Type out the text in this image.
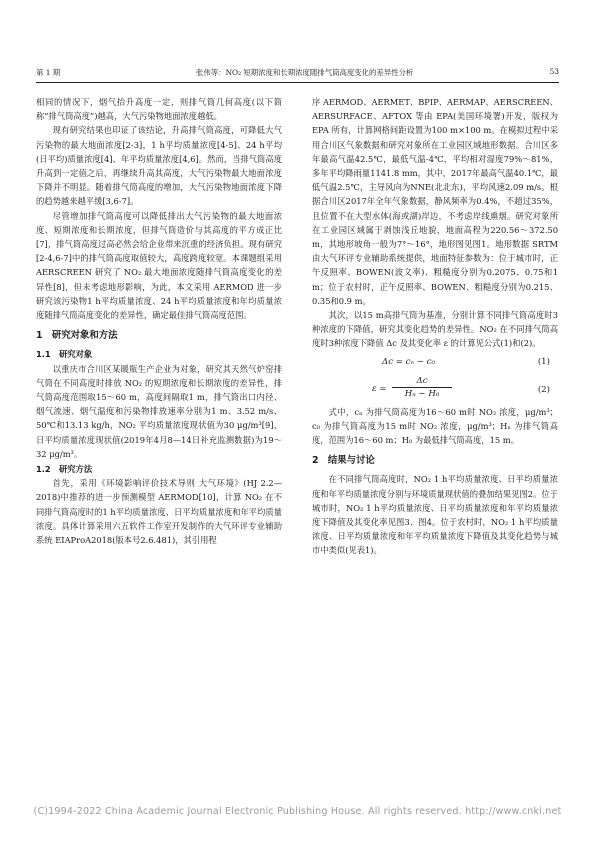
第 1 期	张伟等：NO₂ 短期浓度和长期浓度随排气筒高度变化的差异性分析	53

相同的情况下，烟气抬升高度一定，则排气筒几何高度(以下简称“排气筒高度”)越高，大气污染物地面浓度越低。

现有研究结果也印证了该结论，升高排气筒高度，可降低大气污染物的最大地面浓度[2-3]，1 h平均质量浓度[4-5]、24 h平均(日平均)质量浓度[4]、年平均质量浓度[4,6]。然而，当排气筒高度升高到一定值之后，再继续升高其高度，大气污染物最大地面浓度下降并不明显。随着排气筒高度的增加，大气污染物地面浓度下降的趋势越来越平缓[3,6-7]。

尽管增加排气筒高度可以降低排出大气污染物的最大地面浓度、短期浓度和长期浓度，但排气筒造价与其高度的平方成正比[7]，排气筒高度过高必然会给企业带来沉重的经济负担。现有研究[2-4,6-7]中的排气筒高度取值较大，高度跨度较宽。本课题组采用 AERSCREEN 研究了 NO₂ 最大地面浓度随排气筒高度变化的差异性[8]，但未考虑地形影响，为此，本文采用 AERMOD 进一步研究该污染物1 h平均质量浓度、24 h平均质量浓度和年均质量浓度随排气筒高度变化的差异性，确定最佳排气筒高度范围。

1　研究对象和方法
1.1　研究对象

以重庆市合川区某暖瓶生产企业为对象，研究其天然气炉窑排气筒在不同高度时排放 NO₂ 的短期浓度和长期浓度的差异性，排气筒高度范围取15～60 m，高度间隔取1 m，排气筒出口内径、烟气流速、烟气温度和污染物排放速率分别为1 m、3.52 m/s、50℃和13.13 kg/h，NO₂ 平均质量浓度现状值为30 μg/m³[9]，日平均质量浓度现状值(2019年4月8—14日补充监测数据)为19～32 μg/m³。

1.2　研究方法

首先，采用《环境影响评价技术导则 大气环境》(HJ 2.2—2018)中推荐的进一步预测模型 AERMOD[10]，计算 NO₂ 在不同排气筒高度时的1 h平均质量浓度、日平均质量浓度和年平均质量浓度。具体计算采用六五软件工作室开发制作的大气环评专业辅助系统 EIAProA2018(版本号2.6.481)，其引用程

序 AERMOD、AERMET、BPIP、AERMAP、AERSCREEN、AERSURFACE、AFTOX 等由 EPA(美国环境署)开发，版权为 EPA 所有，计算网格间距设置为100 m×100 m。在模拟过程中采用合川区气象数据和研究对象所在工业园区域地形数据。合川区多年最高气温42.5℃，最低气温-4℃，平均相对湿度79%～81%，多年平均降雨量1141.8 mm，其中，2017年最高气温40.1℃，最低气温2.5℃，主导风向为NNE(北北东)，平均风速2.09 m/s。根据合川区2017年全年气象数据，静风频率为0.4%，不超过35%，且位置不在大型水体(海或湖)岸边，不考虑岸线熏烟。研究对象所在工业园区域属于剥蚀浅丘地貌，地面高程为220.56～372.50 m，其地形坡角一般为7°～16°，地形图见图1。地形数据 SRTM 由大气环评专业辅助系统提供，地面特征参数为：位于城市时，正午反照率、BOWEN(波文率)、粗糙度分别为0.2075、0.75和1 m；位于农村时，正午反照率、BOWEN、粗糙度分别为0.215、0.35和0.9 m。

其次，以15 m高排气筒为基准，分别计算不同排气筒高度时3种浓度的下降值，研究其变化趋势的差异性。NO₂ 在不同排气筒高度时3种浓度下降值 Δc 及其变化率 ε 的计算见公式(1)和(2)。

Δc = cₙ − c₀	(1)
$\varepsilon = \frac{\Delta c}{\text{Hₙ − H₀}}$	(2)

式中，cₙ 为排气筒高度为16～60 m时 NO₂ 浓度，μg/m³；c₀ 为排气筒高度为15 m时 NO₂ 浓度，μg/m³；Hₙ 为排气筒高度，范围为16～60 m；H₀ 为最低排气筒高度，15 m。

2　结果与讨论

在不同排气筒高度时，NO₂ 1 h平均质量浓度、日平均质量浓度和年平均质量浓度分别与环境质量现状值的叠加结果见图2。位于城市时，NO₂ 1 h平均质量浓度、日平均质量浓度和年平均质量浓度下降值及其变化率见图3、图4。位于农村时，NO₂ 1 h平均质量浓度、日平均质量浓度和年平均质量浓度下降值及其变化趋势与城市中类似(见表1)。

(C)1994-2022 China Academic Journal Electronic Publishing House. All rights reserved. http://www.cnki.net
